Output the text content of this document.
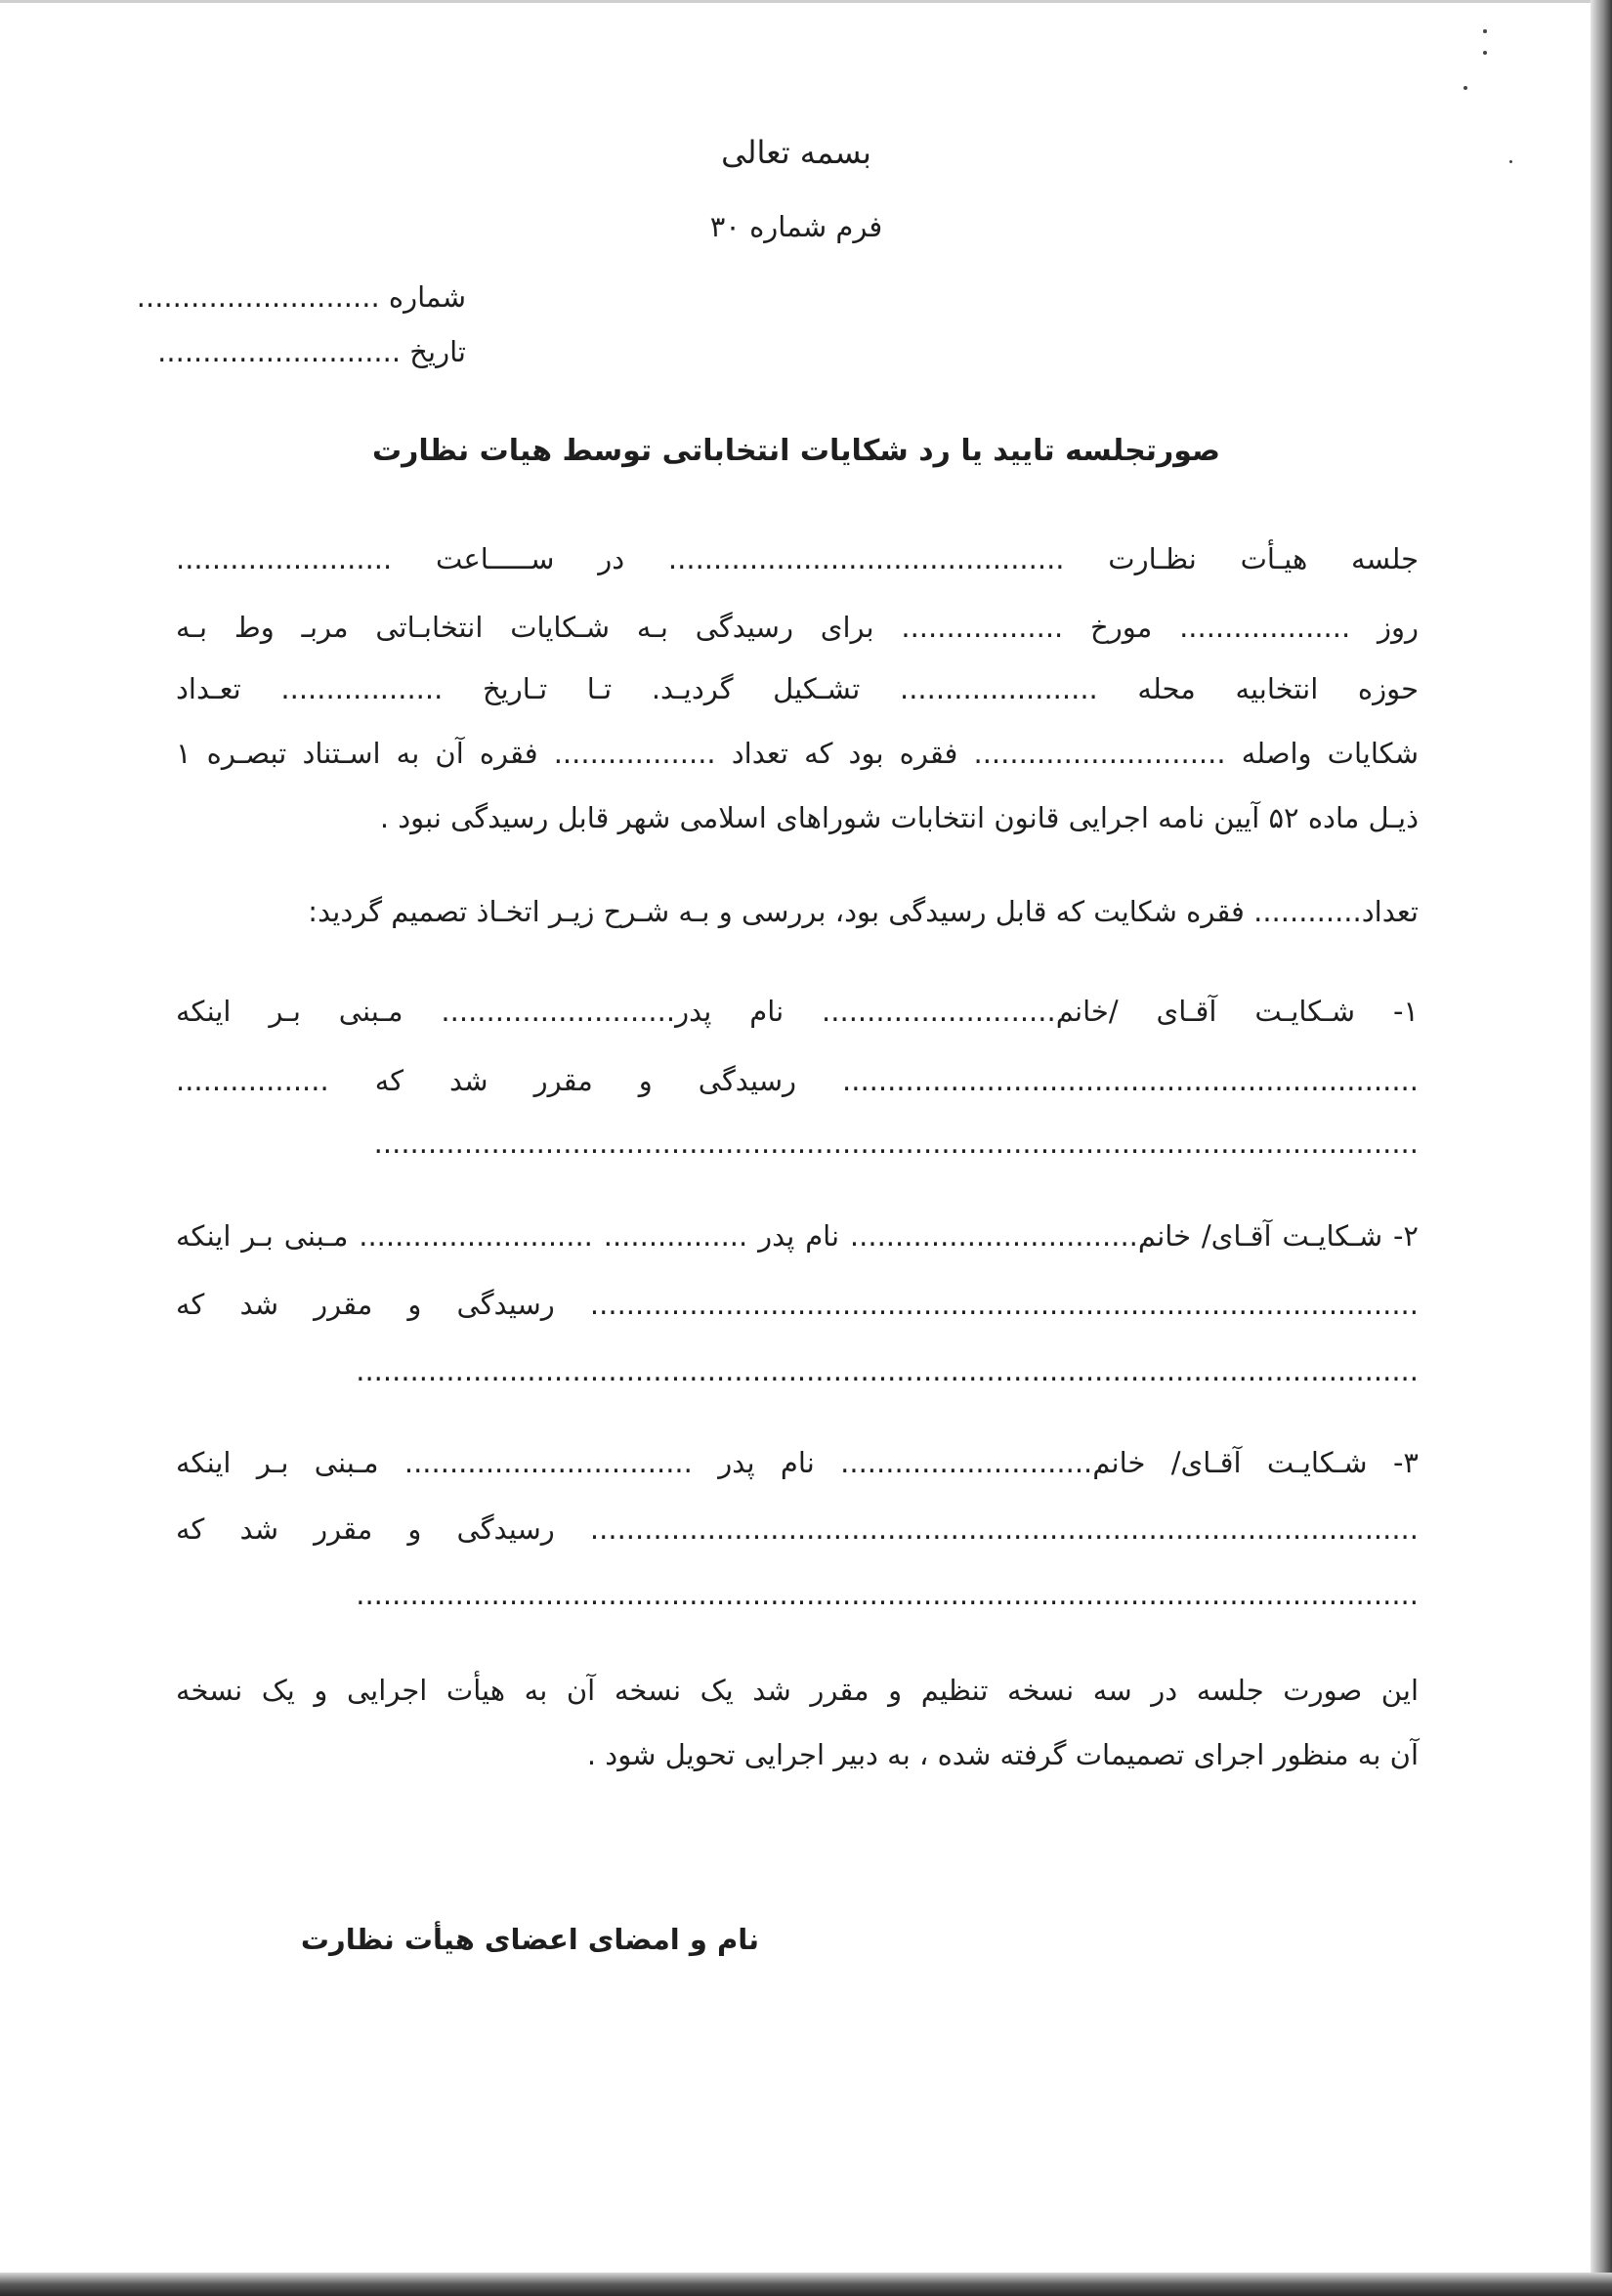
بسمه تعالی
فرم شماره ۳۰
شماره ...........................
تاریخ ...........................
صورتجلسه تایید یا رد شکایات انتخاباتی توسط هیات نظارت
جلسه هیـأت نظـارت ............................................ در ســـــاعت ........................
روز ................... مورخ .................. برای رسیدگی بـه شـکایات انتخابـاتی مربـ وط بـه
حوزه انتخابیه محله ...................... تشـکیل گردیـد. تـا تـاریخ .................. تعـداد
شکایات واصله ............................ فقره بود که تعداد .................. فقره آن به اسـتناد تبصـره ۱
ذیـل ماده ۵۲ آیین نامه اجرایی قانون انتخابات شوراهای اسلامی شهر قابل رسیدگی نبود .
تعداد............ فقره شکایت که قابل رسیدگی بود، بررسی و بـه شـرح زیـر اتخـاذ تصمیم گردید:
۱- شـکایـت آقـای /خانم.......................... نام پدر.......................... مـبنی بـر اینکه
................................................................ رسیدگی و مقرر شد که .................
....................................................................................................................
۲- شـکایـت آقـای/ خانم................................ نام پدر ................ .......................... مـبنی بـر اینکه
............................................................................................ رسیدگی و مقرر شد که
......................................................................................................................
۳- شـکایـت آقـای/ خانم............................ نام پدر ................................ مـبنی بـر اینکه
............................................................................................ رسیدگی و مقرر شد که
......................................................................................................................
این صورت جلسه در سه نسخه تنظیم و مقرر شد یک نسخه آن به هیأت اجرایی و یک نسخه
آن به منظور اجرای تصمیمات گرفته شده ، به دبیر اجرایی تحویل شود .
نام و امضای اعضای هیأت نظارت
